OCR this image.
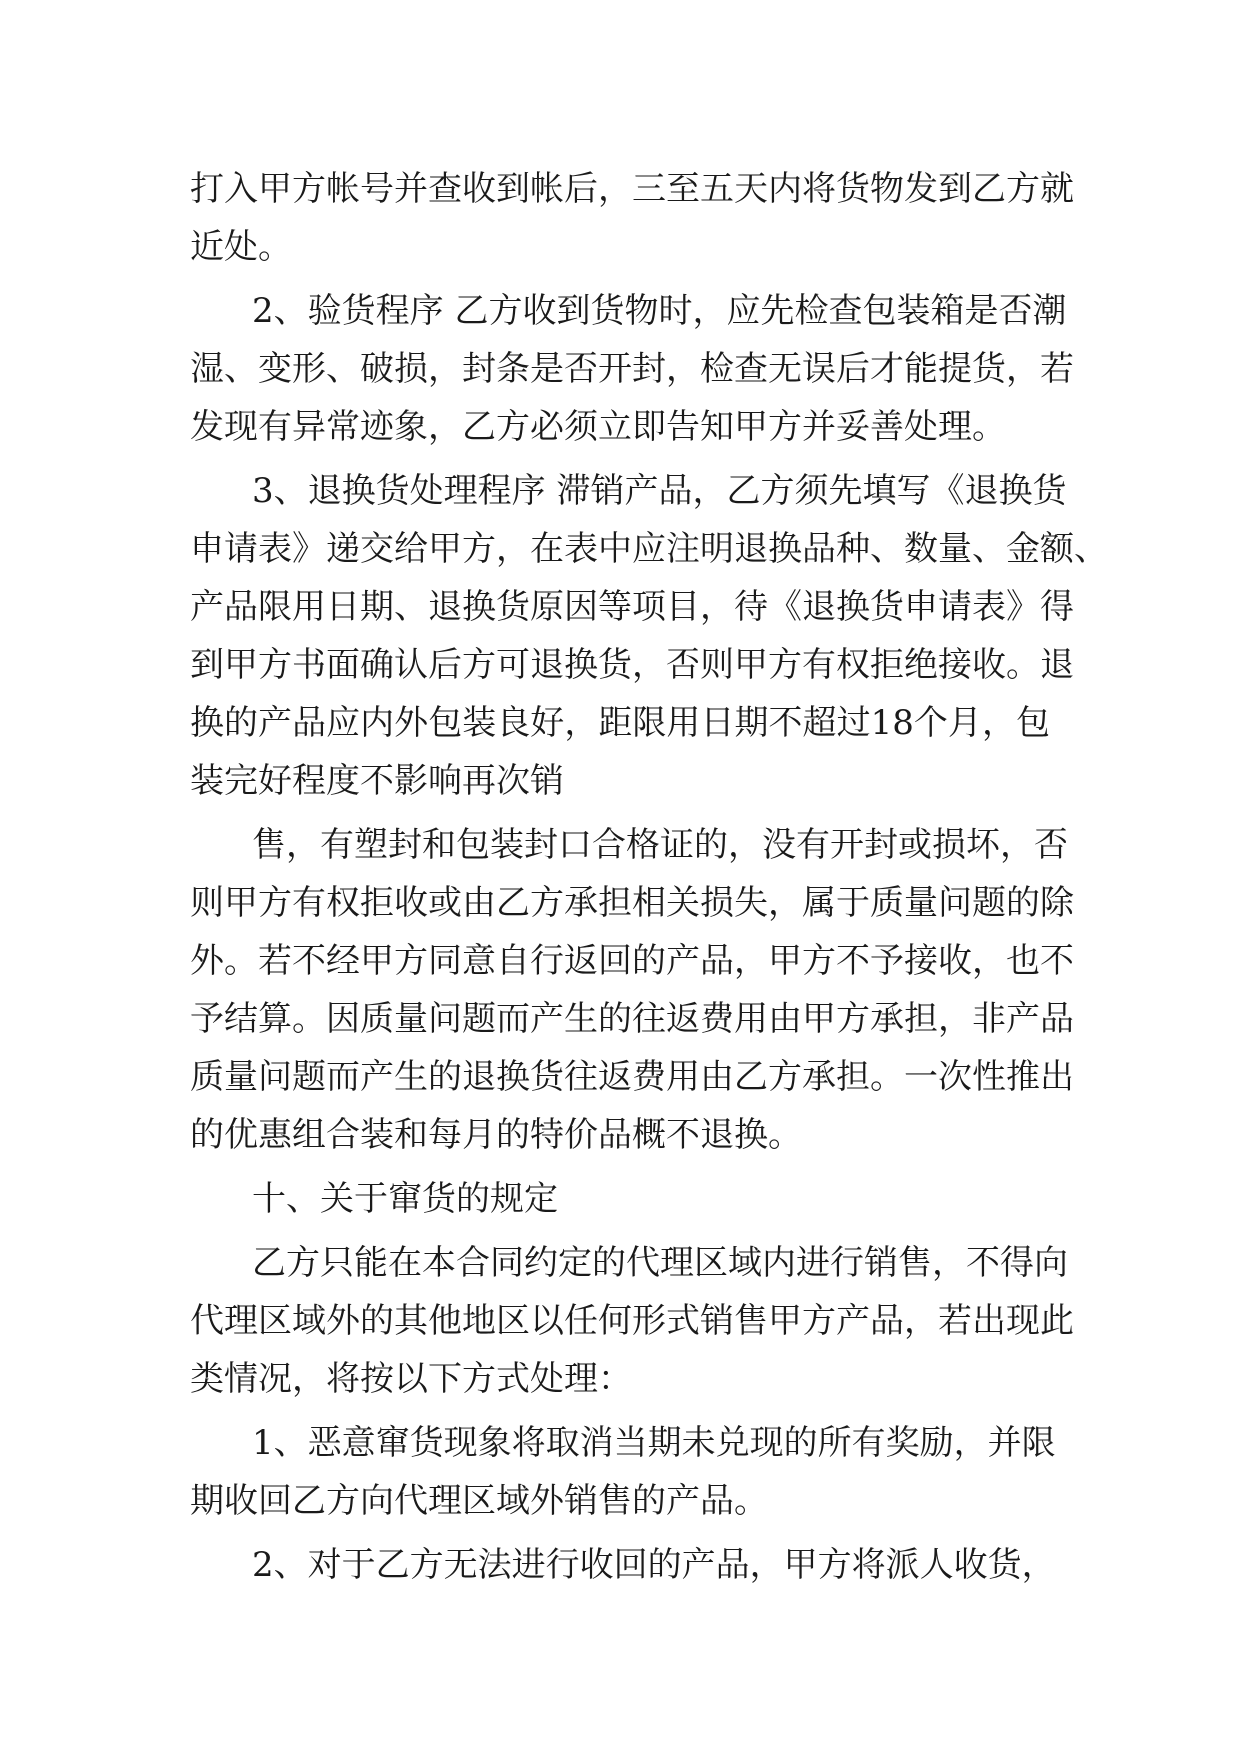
打入甲方帐号并查收到帐后，三至五天内将货物发到乙方就

近处。

2、验货程序 乙方收到货物时，应先检查包装箱是否潮

湿、变形、破损，封条是否开封，检查无误后才能提货，若

发现有异常迹象，乙方必须立即告知甲方并妥善处理。

3、退换货处理程序 滞销产品，乙方须先填写《退换货

申请表》递交给甲方，在表中应注明退换品种、数量、金额、

产品限用日期、退换货原因等项目，待《退换货申请表》得

到甲方书面确认后方可退换货，否则甲方有权拒绝接收。退

换的产品应内外包装良好，距限用日期不超过18个月，包

装完好程度不影响再次销

售，有塑封和包装封口合格证的，没有开封或损坏，否

则甲方有权拒收或由乙方承担相关损失，属于质量问题的除

外。若不经甲方同意自行返回的产品，甲方不予接收，也不

予结算。因质量问题而产生的往返费用由甲方承担，非产品

质量问题而产生的退换货往返费用由乙方承担。一次性推出

的优惠组合装和每月的特价品概不退换。

十、关于窜货的规定

乙方只能在本合同约定的代理区域内进行销售，不得向

代理区域外的其他地区以任何形式销售甲方产品，若出现此

类情况，将按以下方式处理：

1、恶意窜货现象将取消当期未兑现的所有奖励，并限

期收回乙方向代理区域外销售的产品。

2、对于乙方无法进行收回的产品，甲方将派人收货，
